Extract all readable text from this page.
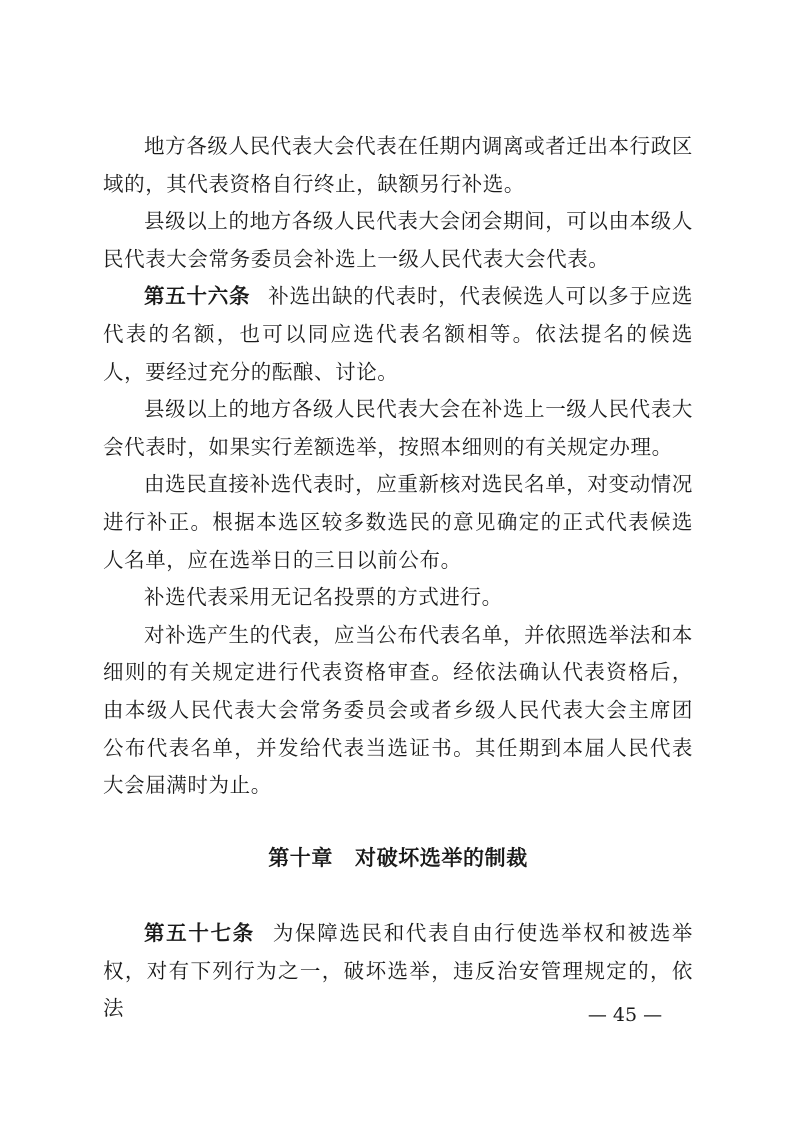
地方各级人民代表大会代表在任期内调离或者迁出本行政区域的，其代表资格自行终止，缺额另行补选。

县级以上的地方各级人民代表大会闭会期间，可以由本级人民代表大会常务委员会补选上一级人民代表大会代表。

第五十六条 补选出缺的代表时，代表候选人可以多于应选代表的名额，也可以同应选代表名额相等。依法提名的候选人，要经过充分的酝酿、讨论。

县级以上的地方各级人民代表大会在补选上一级人民代表大会代表时，如果实行差额选举，按照本细则的有关规定办理。

由选民直接补选代表时，应重新核对选民名单，对变动情况进行补正。根据本选区较多数选民的意见确定的正式代表候选人名单，应在选举日的三日以前公布。

补选代表采用无记名投票的方式进行。

对补选产生的代表，应当公布代表名单，并依照选举法和本细则的有关规定进行代表资格审查。经依法确认代表资格后，由本级人民代表大会常务委员会或者乡级人民代表大会主席团公布代表名单，并发给代表当选证书。其任期到本届人民代表大会届满时为止。

第十章 对破坏选举的制裁

第五十七条 为保障选民和代表自由行使选举权和被选举权，对有下列行为之一，破坏选举，违反治安管理规定的，依法	— 45 —
